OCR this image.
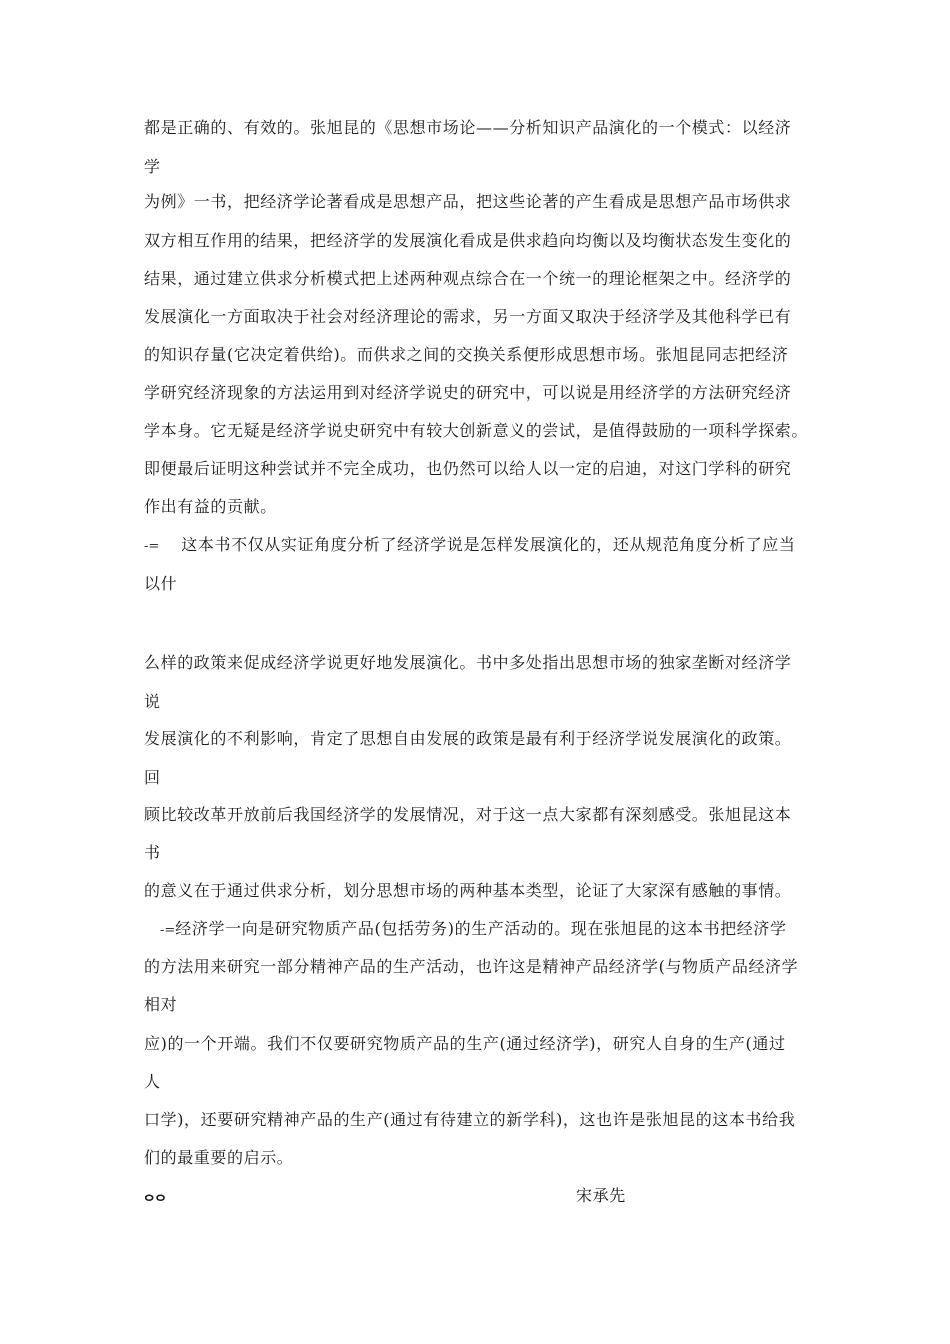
都是正确的、有效的。张旭昆的《思想市场论——分析知识产品演化的一个模式：以经济
学
为例》一书，把经济学论著看成是思想产品，把这些论著的产生看成是思想产品市场供求
双方相互作用的结果，把经济学的发展演化看成是供求趋向均衡以及均衡状态发生变化的
结果，通过建立供求分析模式把上述两种观点综合在一个统一的理论框架之中。经济学的
发展演化一方面取决于社会对经济理论的需求，另一方面又取决于经济学及其他科学已有
的知识存量(它决定着供给)。而供求之间的交换关系便形成思想市场。张旭昆同志把经济
学研究经济现象的方法运用到对经济学说史的研究中，可以说是用经济学的方法研究经济
学本身。它无疑是经济学说史研究中有较大创新意义的尝试，是值得鼓励的一项科学探索。
即便最后证明这种尝试并不完全成功，也仍然可以给人以一定的启迪，对这门学科的研究
作出有益的贡献。
-= 这本书不仅从实证角度分析了经济学说是怎样发展演化的，还从规范角度分析了应当
以什
么样的政策来促成经济学说更好地发展演化。书中多处指出思想市场的独家垄断对经济学
说
发展演化的不利影响，肯定了思想自由发展的政策是最有利于经济学说发展演化的政策。
回
顾比较改革开放前后我国经济学的发展情况，对于这一点大家都有深刻感受。张旭昆这本
书
的意义在于通过供求分析，划分思想市场的两种基本类型，论证了大家深有感触的事情。
-=经济学一向是研究物质产品(包括劳务)的生产活动的。现在张旭昆的这本书把经济学
的方法用来研究一部分精神产品的生产活动，也许这是精神产品经济学(与物质产品经济学
相对
应)的一个开端。我们不仅要研究物质产品的生产(通过经济学)，研究人自身的生产(通过
人
口学)，还要研究精神产品的生产(通过有待建立的新学科)，这也许是张旭昆的这本书给我
们的最重要的启示。
ⴰⴰ	宋承先
